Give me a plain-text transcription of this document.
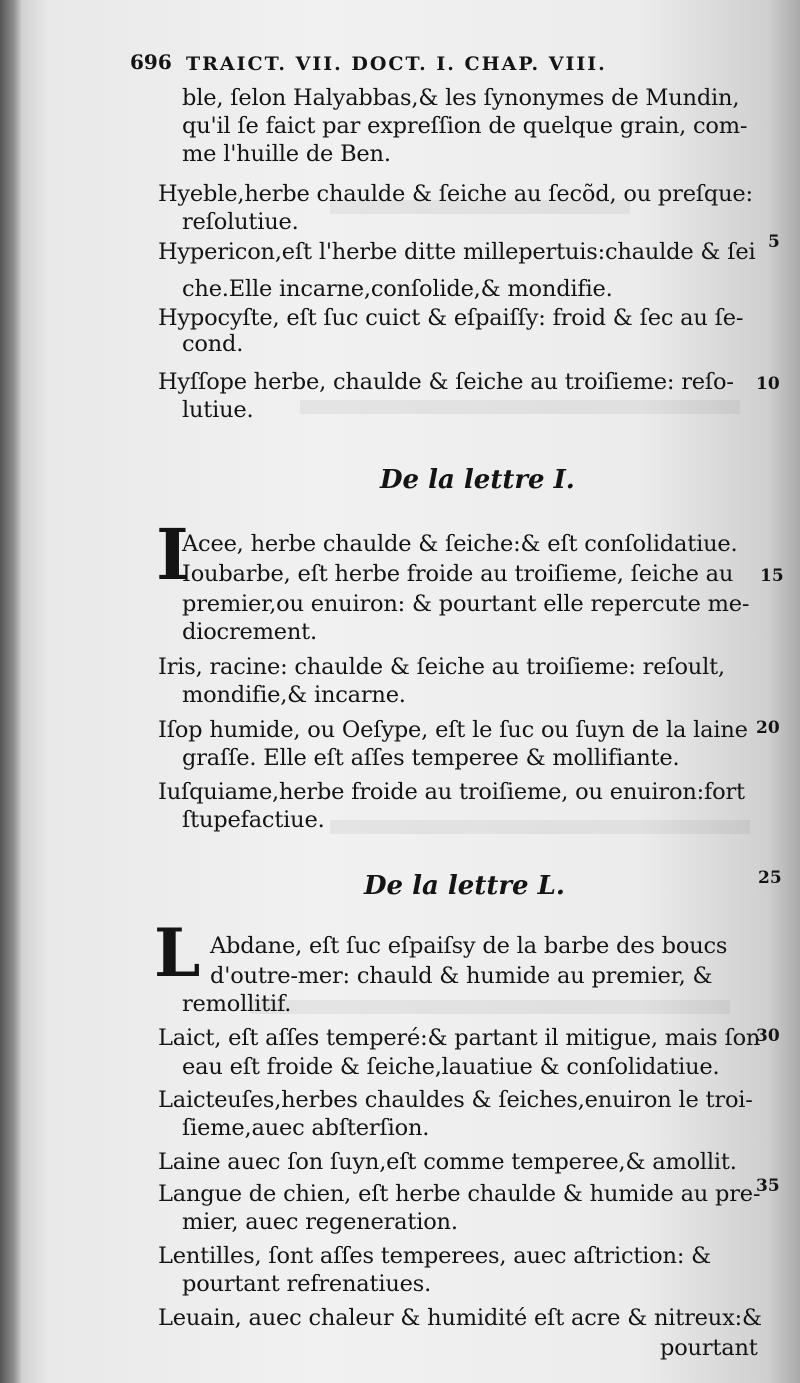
696 TRAICT. VII. DOCT. I. CHAP. VIII.
ble, ſelon Halyabbas,& les ſynonymes de Mundin,
qu'il ſe faict par expreſſion de quelque grain, com-
me l'huille de Ben.
Hyeble,herbe chaulde & ſeiche au ſecõd, ou preſque:
reſolutiue.
Hypericon,eſt l'herbe ditte millepertuis:chaulde & ſei
che.Elle incarne,conſolide,& mondifie.
Hypocyſte, eſt ſuc cuict & eſpaiſſy: froid & ſec au ſe-
cond.
Hyſſope herbe, chaulde & ſeiche au troiſieme: reſo-
lutiue.
De la lettre I.
I
Acee, herbe chaulde & ſeiche:& eſt conſolidatiue.
Ioubarbe, eſt herbe froide au troiſieme, ſeiche au
premier,ou enuiron: & pourtant elle repercute me-
diocrement.
Iris, racine: chaulde & ſeiche au troiſieme: reſoult,
mondifie,& incarne.
Iſop humide, ou Oeſype, eſt le ſuc ou ſuyn de la laine
graſſe. Elle eſt aſſes temperee & mollifiante.
Iuſquiame,herbe froide au troiſieme, ou enuiron:fort
ſtupefactiue.
De la lettre L.
L Abdane, eſt ſuc eſpaiſsy de la barbe des boucs
d'outre-mer: chauld & humide au premier, &
remollitif.
Laict, eſt aſſes temperé:& partant il mitigue, mais ſon
eau eſt froide & ſeiche,lauatiue & conſolidatiue.
Laicteuſes,herbes chauldes & ſeiches,enuiron le troi-
ſieme,auec abſterſion.
Laine auec ſon ſuyn,eſt comme temperee,& amollit.
Langue de chien, eſt herbe chaulde & humide au pre-
mier, auec regeneration.
Lentilles, ſont aſſes temperees, auec aſtriction: &
pourtant refrenatiues.
Leuain, auec chaleur & humidité eſt acre & nitreux:&
pourtant
5
10
15
20
25
30
35
